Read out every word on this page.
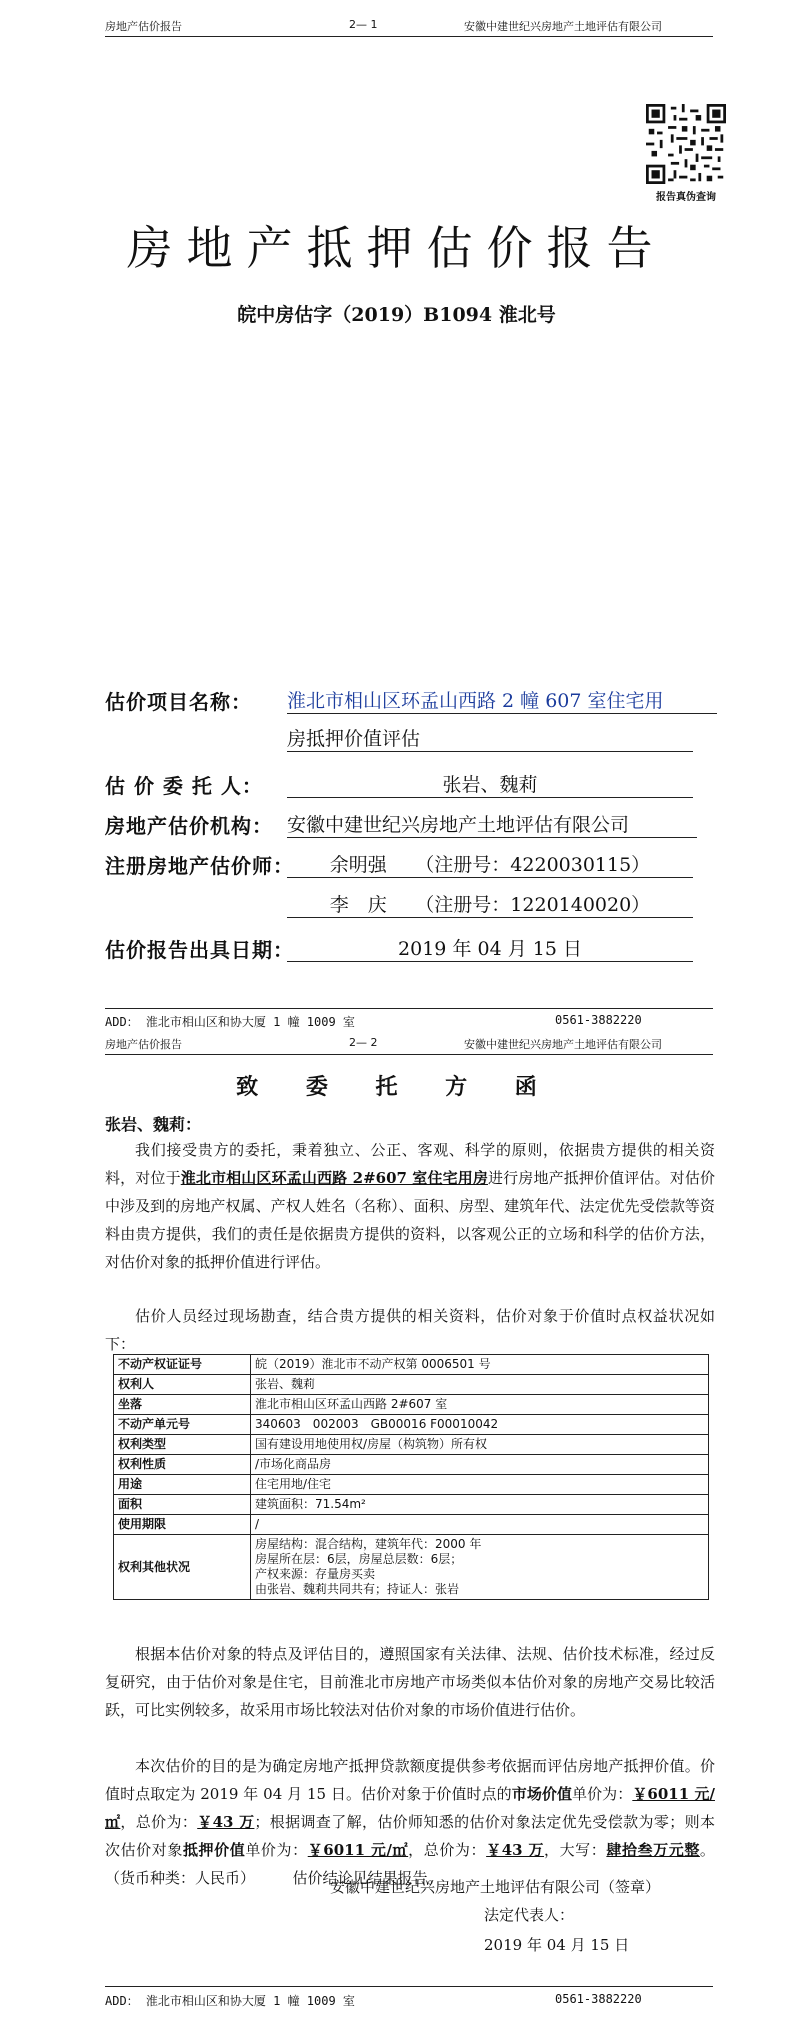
房地产估价报告	2— 1	安徽中建世纪兴房地产土地评估有限公司
报告真伪查询
房地产抵押估价报告
皖中房估字（2019）B1094 淮北号
估价项目名称： 淮北市相山区环孟山西路 2 幢 607 室住宅用
房抵押价值评估
估 价 委 托 人：	张岩、魏莉
房地产估价机构： 安徽中建世纪兴房地产土地评估有限公司
注册房地产估价师：	余明强　　（注册号：4220030115）
李　庆　　（注册号：1220140020）
估价报告出具日期：	2019 年 04 月 15 日
ADD： 淮北市相山区和协大厦 1 幢 1009 室	0561-3882220
房地产估价报告	2— 2	安徽中建世纪兴房地产土地评估有限公司
致 委 托 方 函
张岩、魏莉：
我们接受贵方的委托，秉着独立、公正、客观、科学的原则，依据贵方提供的相关资料，对位于淮北市相山区环孟山西路 2#607 室住宅用房进行房地产抵押价值评估。对估价中涉及到的房地产权属、产权人姓名（名称）、面积、房型、建筑年代、法定优先受偿款等资料由贵方提供，我们的责任是依据贵方提供的资料，以客观公正的立场和科学的估价方法，对估价对象的抵押价值进行评估。
估价人员经过现场勘查，结合贵方提供的相关资料，估价对象于价值时点权益状况如下：
不动产权证证号	皖（2019）淮北市不动产权第 0006501 号
权利人	张岩、魏莉
坐落	淮北市相山区环孟山西路 2#607 室
不动产单元号	340603　002003　GB00016 F00010042
权利类型	国有建设用地使用权/房屋（构筑物）所有权
权利性质	/市场化商品房
用途	住宅用地/住宅
面积	建筑面积：71.54m²
使用期限	/
权利其他状况	房屋结构：混合结构，建筑年代：2000 年
房屋所在层：6层，房屋总层数：6层；
产权来源：存量房买卖
由张岩、魏莉共同共有；持证人：张岩
根据本估价对象的特点及评估目的，遵照国家有关法律、法规、估价技术标准，经过反复研究，由于估价对象是住宅，目前淮北市房地产市场类似本估价对象的房地产交易比较活跃，可比实例较多，故采用市场比较法对估价对象的市场价值进行估价。
本次估价的目的是为确定房地产抵押贷款额度提供参考依据而评估房地产抵押价值。价值时点取定为 2019 年 04 月 15 日。估价对象于价值时点的市场价值单价为：￥6011 元/㎡，总价为：￥43 万；根据调查了解，估价师知悉的估价对象法定优先受偿款为零；则本次估价对象抵押价值单价为：￥6011 元/㎡，总价为：￥43 万，大写：肆拾叁万元整。（货币种类：人民币）　　　估价结论见结果报告。
安徽中建世纪兴房地产土地评估有限公司（签章）
法定代表人：
2019 年 04 月 15 日
ADD： 淮北市相山区和协大厦 1 幢 1009 室	0561-3882220
